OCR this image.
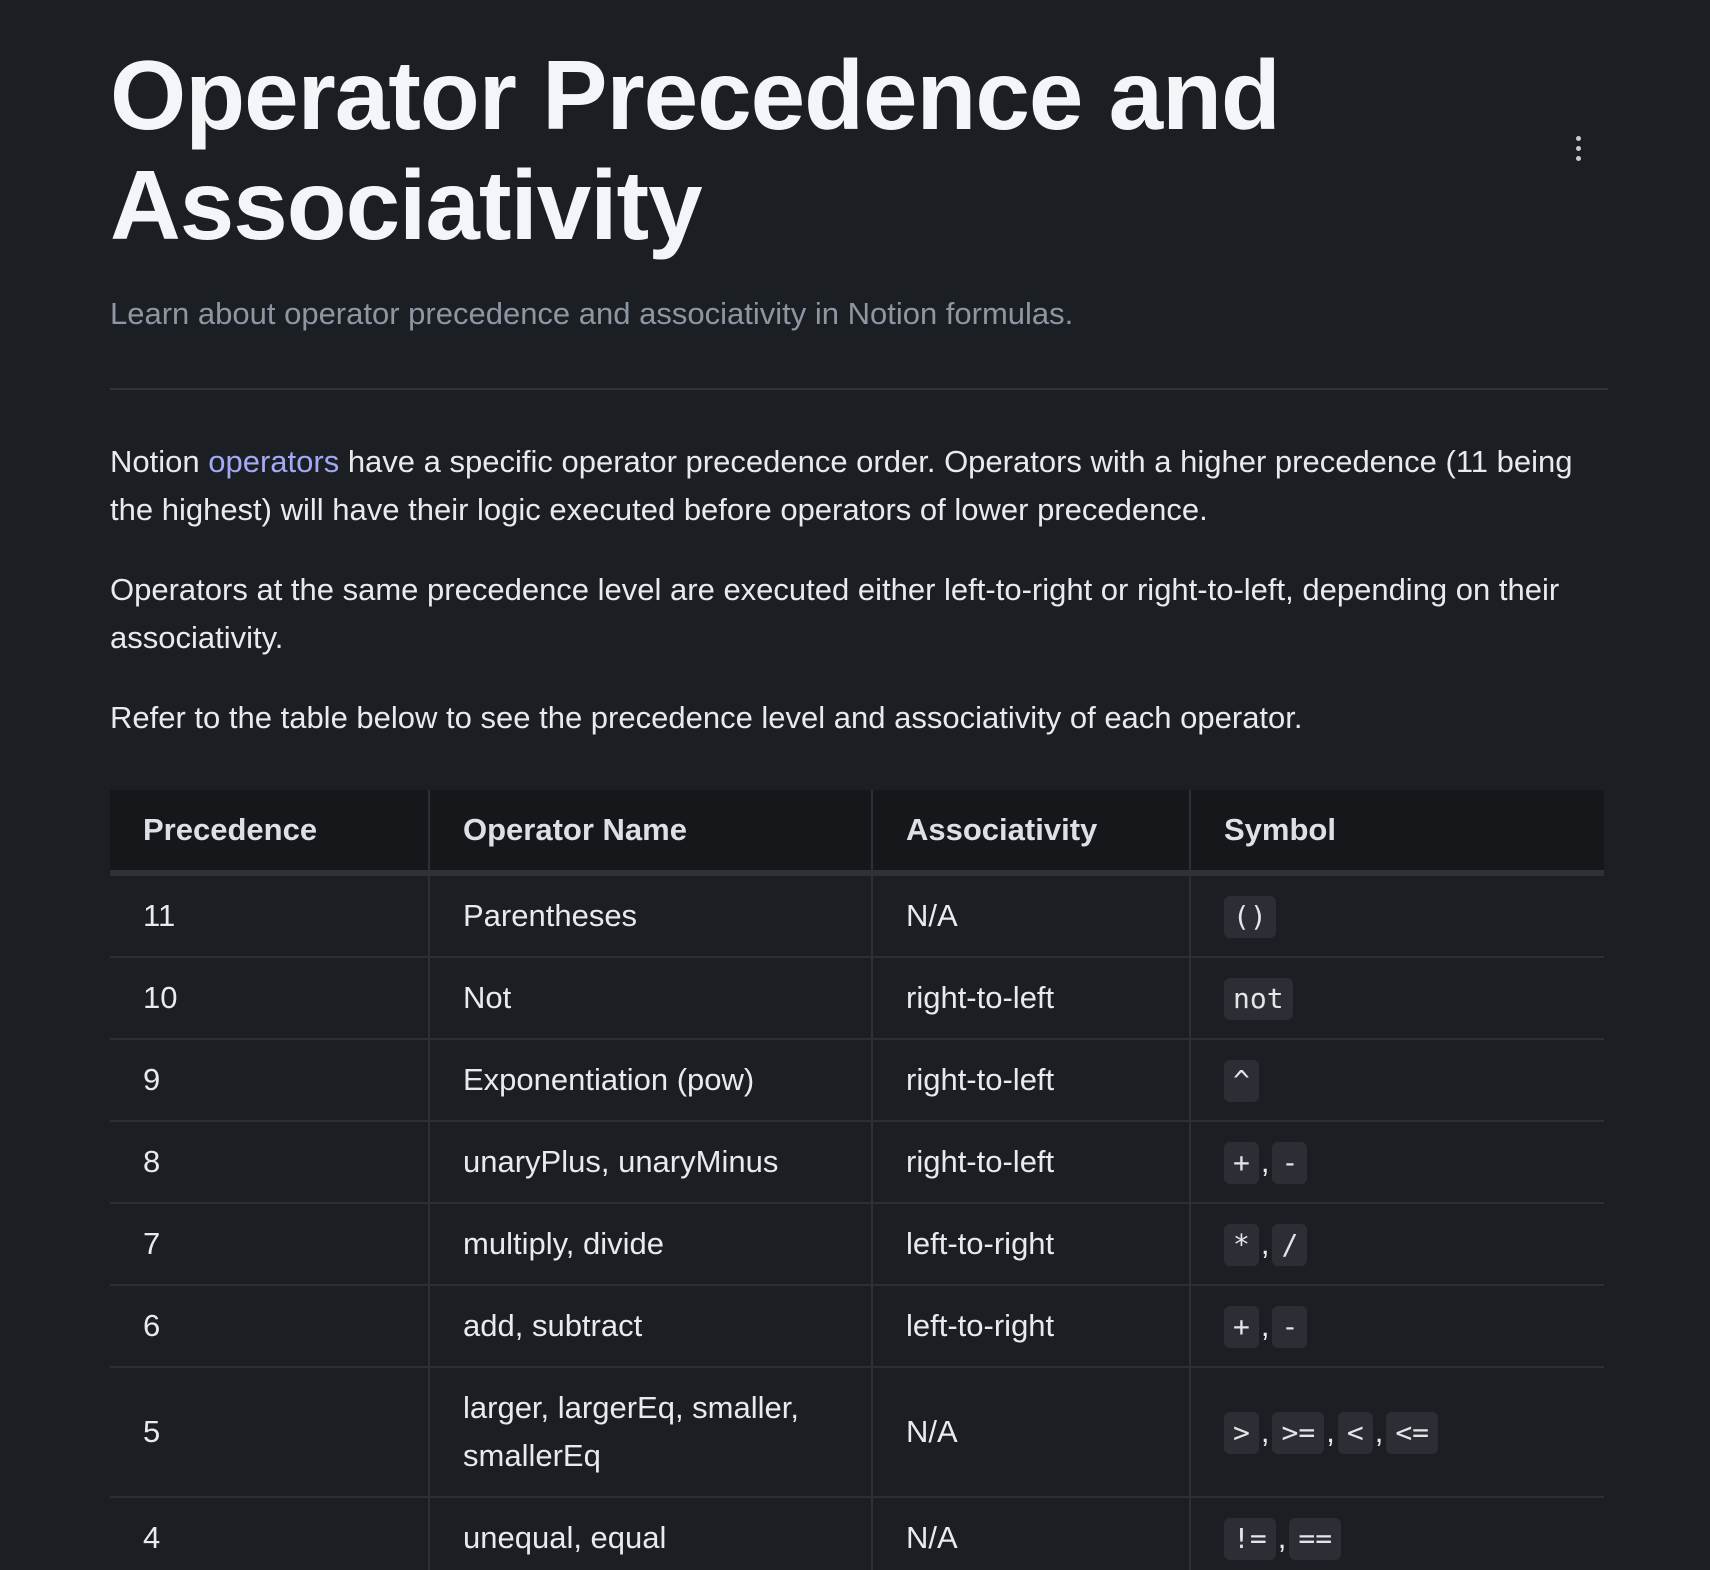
Operator Precedence and
Associativity

Learn about operator precedence and associativity in Notion formulas.

Notion operators have a specific operator precedence order. Operators with a higher precedence (11 being the highest) will have their logic executed before operators of lower precedence.

Operators at the same precedence level are executed either left-to-right or right-to-left, depending on their associativity.

Refer to the table below to see the precedence level and associativity of each operator.

Precedence	Operator Name	Associativity	Symbol
11	Parentheses	N/A	()
10	Not	right-to-left	not
9	Exponentiation (pow)	right-to-left	^
8	unaryPlus, unaryMinus	right-to-left	+ , -
7	multiply, divide	left-to-right	* , /
6	add, subtract	left-to-right	+ , -
5	larger, largerEq, smaller, smallerEq	N/A	> , >= , < , <=
4	unequal, equal	N/A	!= , ==
